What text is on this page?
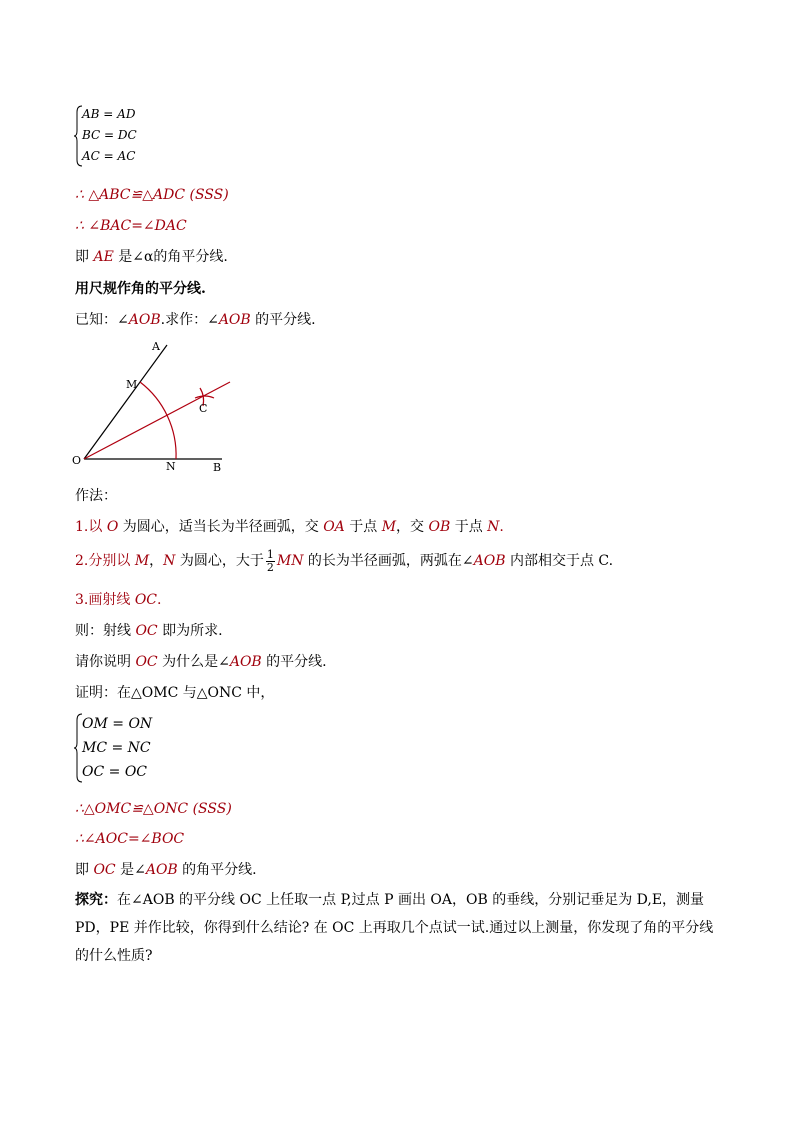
AB = AD
BC = DC
AC = AC
∴ △ABC≌△ADC (SSS)
∴ ∠BAC=∠DAC
即 AE 是∠α的角平分线.
用尺规作角的平分线.
已知：∠AOB.求作：∠AOB 的平分线.
A
M
C
O	N	B
作法：
1.以 O 为圆心，适当长为半径画弧，交 OA 于点 M，交 OB 于点 N.
2.分别以 M，N 为圆心，大于 $\frac{1}{2}$ MN 的长为半径画弧，两弧在∠AOB 内部相交于点 C.
3.画射线 OC.
则：射线 OC 即为所求.
请你说明 OC 为什么是∠AOB 的平分线.
证明：在△OMC 与△ONC 中，
OM = ON
MC = NC
OC = OC
∴△OMC≌△ONC (SSS)
∴∠AOC=∠BOC
即 OC 是∠AOB 的角平分线.
探究：在∠AOB 的平分线 OC 上任取一点 P,过点 P 画出 OA，OB 的垂线，分别记垂足为 D,E，测量 PD，PE 并作比较，你得到什么结论? 在 OC 上再取几个点试一试.通过以上测量，你发现了角的平分线的什么性质?
